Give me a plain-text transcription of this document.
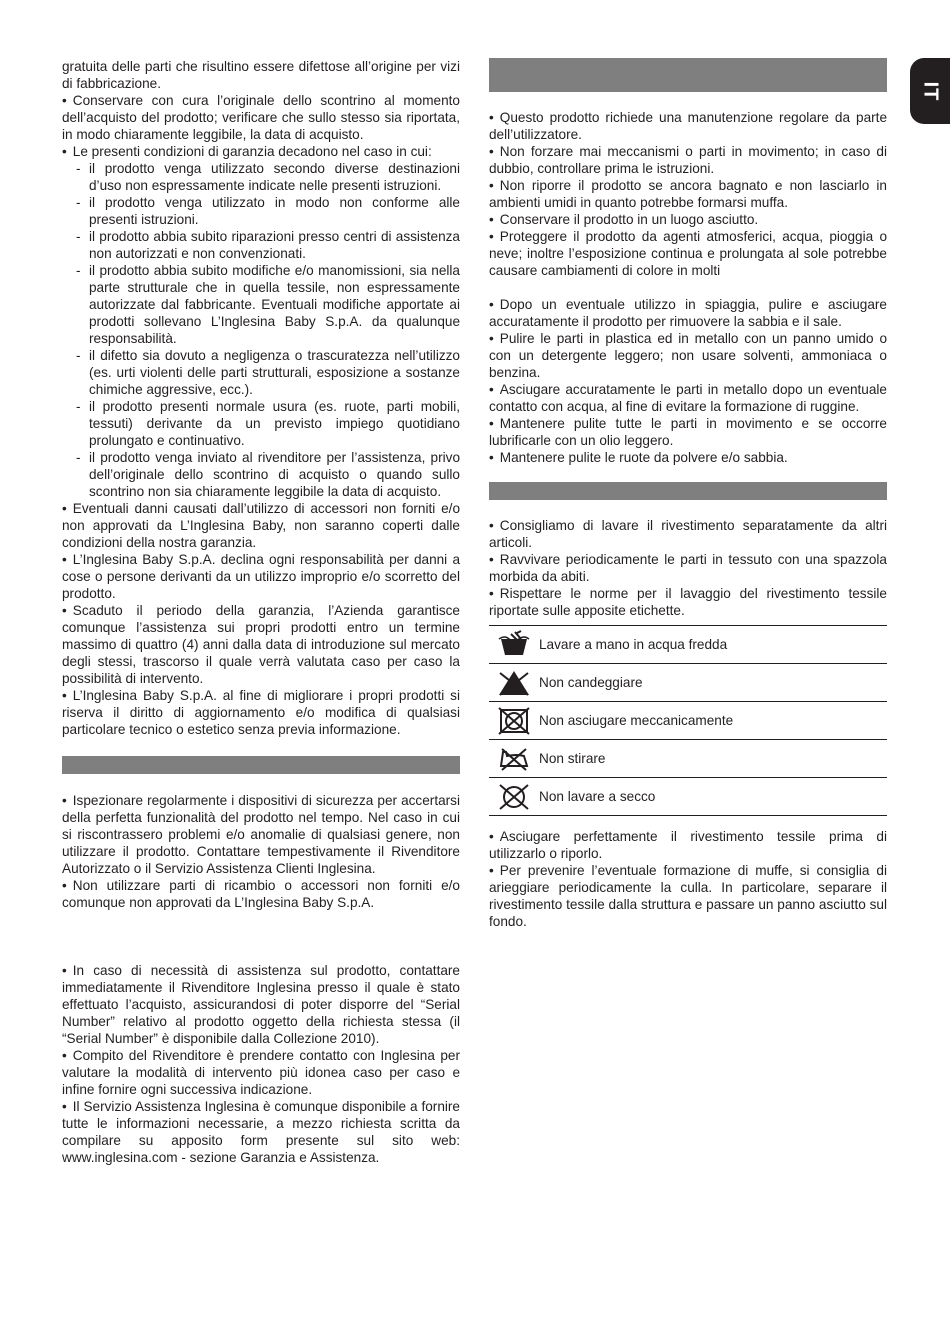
IT

gratuita delle parti che risultino essere difettose all’origine per vizi di fabbricazione.

• Conservare con cura l’originale dello scontrino al momento dell’acquisto del prodotto; verificare che sullo stesso sia riportata, in modo chiaramente leggibile, la data di acquisto.

• Le presenti condizioni di garanzia decadono nel caso in cui:

- il prodotto venga utilizzato secondo diverse destinazioni d’uso non espressamente indicate nelle presenti istruzioni.

- il prodotto venga utilizzato in modo non conforme alle presenti istruzioni.

- il prodotto abbia subito riparazioni presso centri di assistenza non autorizzati e non convenzionati.

- il prodotto abbia subito modifiche e/o manomissioni, sia nella parte strutturale che in quella tessile, non espressamente autorizzate dal fabbricante. Eventuali modifiche apportate ai prodotti sollevano L’Inglesina Baby S.p.A. da qualunque responsabilità.

- il difetto sia dovuto a negligenza o trascuratezza nell’utilizzo (es. urti violenti delle parti strutturali, esposizione a sostanze chimiche aggressive, ecc.).

- il prodotto presenti normale usura (es. ruote, parti mobili, tessuti) derivante da un previsto impiego quotidiano prolungato e continuativo.

- il prodotto venga inviato al rivenditore per l’assistenza, privo dell’originale dello scontrino di acquisto o quando sullo scontrino non sia chiaramente leggibile la data di acquisto.

• Eventuali danni causati dall’utilizzo di accessori non forniti e/o non approvati da L’Inglesina Baby, non saranno coperti dalle condizioni della nostra garanzia.

• L’Inglesina Baby S.p.A. declina ogni responsabilità per danni a cose o persone derivanti da un utilizzo improprio e/o scorretto del prodotto.

• Scaduto il periodo della garanzia, l’Azienda garantisce comunque l’assistenza sui propri prodotti entro un termine massimo di quattro (4) anni dalla data di introduzione sul mercato degli stessi, trascorso il quale verrà valutata caso per caso la possibilità di intervento.

• L’Inglesina Baby S.p.A. al fine di migliorare i propri prodotti si riserva il diritto di aggiornamento e/o modifica di qualsiasi particolare tecnico o estetico senza previa informazione.

• Ispezionare regolarmente i dispositivi di sicurezza per accertarsi della perfetta funzionalità del prodotto nel tempo. Nel caso in cui si riscontrassero problemi e/o anomalie di qualsiasi genere, non utilizzare il prodotto. Contattare tempestivamente il Rivenditore Autorizzato o il Servizio Assistenza Clienti Inglesina.

• Non utilizzare parti di ricambio o accessori non forniti e/o comunque non approvati da L’Inglesina Baby S.p.A.

• In caso di necessità di assistenza sul prodotto, contattare immediatamente il Rivenditore Inglesina presso il quale è stato effettuato l’acquisto, assicurandosi di poter disporre del “Serial Number” relativo al prodotto oggetto della richiesta stessa (il “Serial Number” è disponibile dalla Collezione 2010).

• Compito del Rivenditore è prendere contatto con Inglesina per valutare la modalità di intervento più idonea caso per caso e infine fornire ogni successiva indicazione.

• Il Servizio Assistenza Inglesina è comunque disponibile a fornire tutte le informazioni necessarie, a mezzo richiesta scritta da compilare su apposito form presente sul sito web: www.inglesina.com - sezione Garanzia e Assistenza.

• Questo prodotto richiede una manutenzione regolare da parte dell’utilizzatore.

• Non forzare mai meccanismi o parti in movimento; in caso di dubbio, controllare prima le istruzioni.

• Non riporre il prodotto se ancora bagnato e non lasciarlo in ambienti umidi in quanto potrebbe formarsi muffa.

• Conservare il prodotto in un luogo asciutto.

• Proteggere il prodotto da agenti atmosferici, acqua, pioggia o neve; inoltre l’esposizione continua e prolungata al sole potrebbe causare cambiamenti di colore in molti

• Dopo un eventuale utilizzo in spiaggia, pulire e asciugare accuratamente il prodotto per rimuovere la sabbia e il sale.

• Pulire le parti in plastica ed in metallo con un panno umido o con un detergente leggero; non usare solventi, ammoniaca o benzina.

• Asciugare accuratamente le parti in metallo dopo un eventuale contatto con acqua, al fine di evitare la formazione di ruggine.

• Mantenere pulite tutte le parti in movimento e se occorre lubrificarle con un olio leggero.

• Mantenere pulite le ruote da polvere e/o sabbia.

• Consigliamo di lavare il rivestimento separatamente da altri articoli.

• Ravvivare periodicamente le parti in tessuto con una spazzola morbida da abiti.

• Rispettare le norme per il lavaggio del rivestimento tessile riportate sulle apposite etichette.

	Lavare a mano in acqua fredda

	Non candeggiare

	Non asciugare meccanicamente

	Non stirare

	Non lavare a secco

• Asciugare perfettamente il rivestimento tessile prima di utilizzarlo o riporlo.

• Per prevenire l’eventuale formazione di muffe, si consiglia di arieggiare periodicamente la culla. In particolare, separare il rivestimento tessile dalla struttura e passare un panno asciutto sul fondo.
